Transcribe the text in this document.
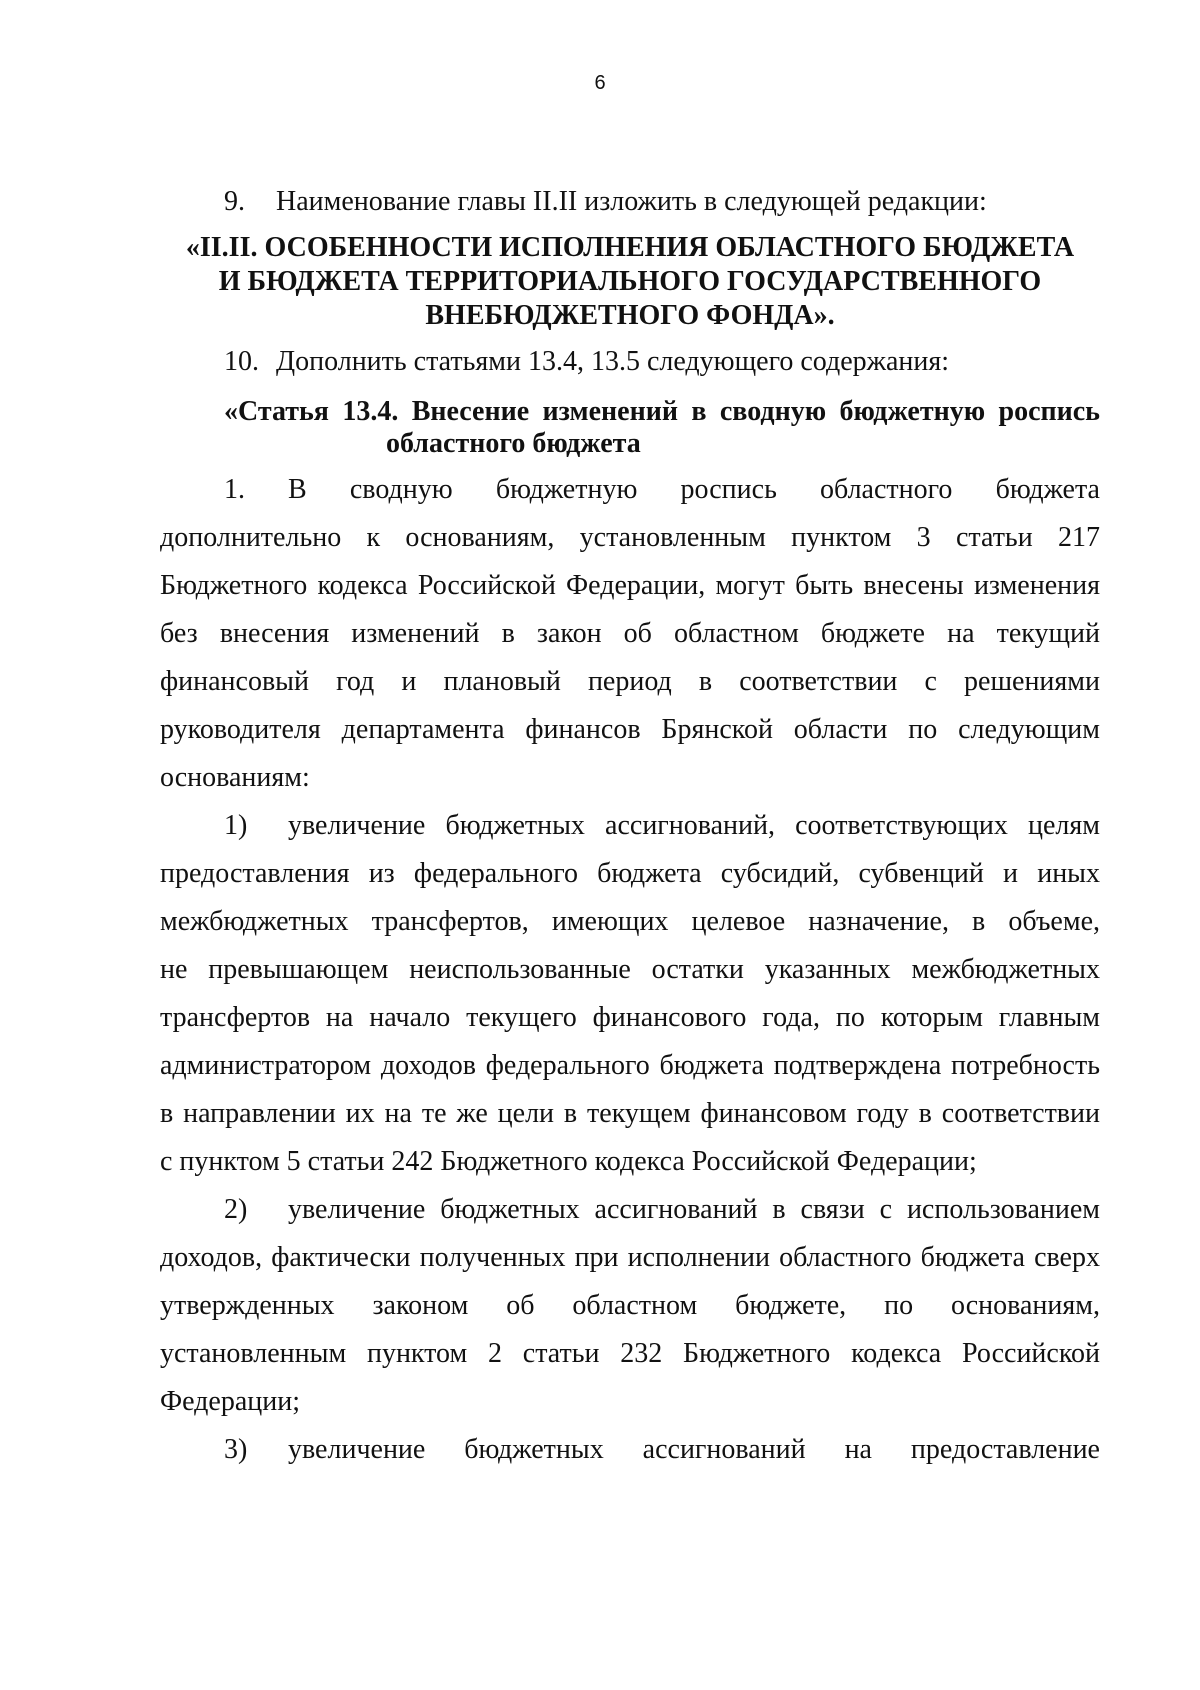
6
9. Наименование главы II.II изложить в следующей редакции:
«II.II. ОСОБЕННОСТИ ИСПОЛНЕНИЯ ОБЛАСТНОГО БЮДЖЕТА
И БЮДЖЕТА ТЕРРИТОРИАЛЬНОГО ГОСУДАРСТВЕННОГО
ВНЕБЮДЖЕТНОГО ФОНДА».
10. Дополнить статьями 13.4, 13.5 следующего содержания:
«Статья 13.4. Внесение изменений в сводную бюджетную роспись
областного бюджета
1. В сводную бюджетную роспись областного бюджета
дополнительно к основаниям, установленным пунктом 3 статьи 217
Бюджетного кодекса Российской Федерации, могут быть внесены изменения
без внесения изменений в закон об областном бюджете на текущий
финансовый год и плановый период в соответствии с решениями
руководителя департамента финансов Брянской области по следующим
основаниям:
1) увеличение бюджетных ассигнований, соответствующих целям
предоставления из федерального бюджета субсидий, субвенций и иных
межбюджетных трансфертов, имеющих целевое назначение, в объеме,
не превышающем неиспользованные остатки указанных межбюджетных
трансфертов на начало текущего финансового года, по которым главным
администратором доходов федерального бюджета подтверждена потребность
в направлении их на те же цели в текущем финансовом году в соответствии
с пунктом 5 статьи 242 Бюджетного кодекса Российской Федерации;
2) увеличение бюджетных ассигнований в связи с использованием
доходов, фактически полученных при исполнении областного бюджета сверх
утвержденных законом об областном бюджете, по основаниям,
установленным пунктом 2 статьи 232 Бюджетного кодекса Российской
Федерации;
3) увеличение бюджетных ассигнований на предоставление
